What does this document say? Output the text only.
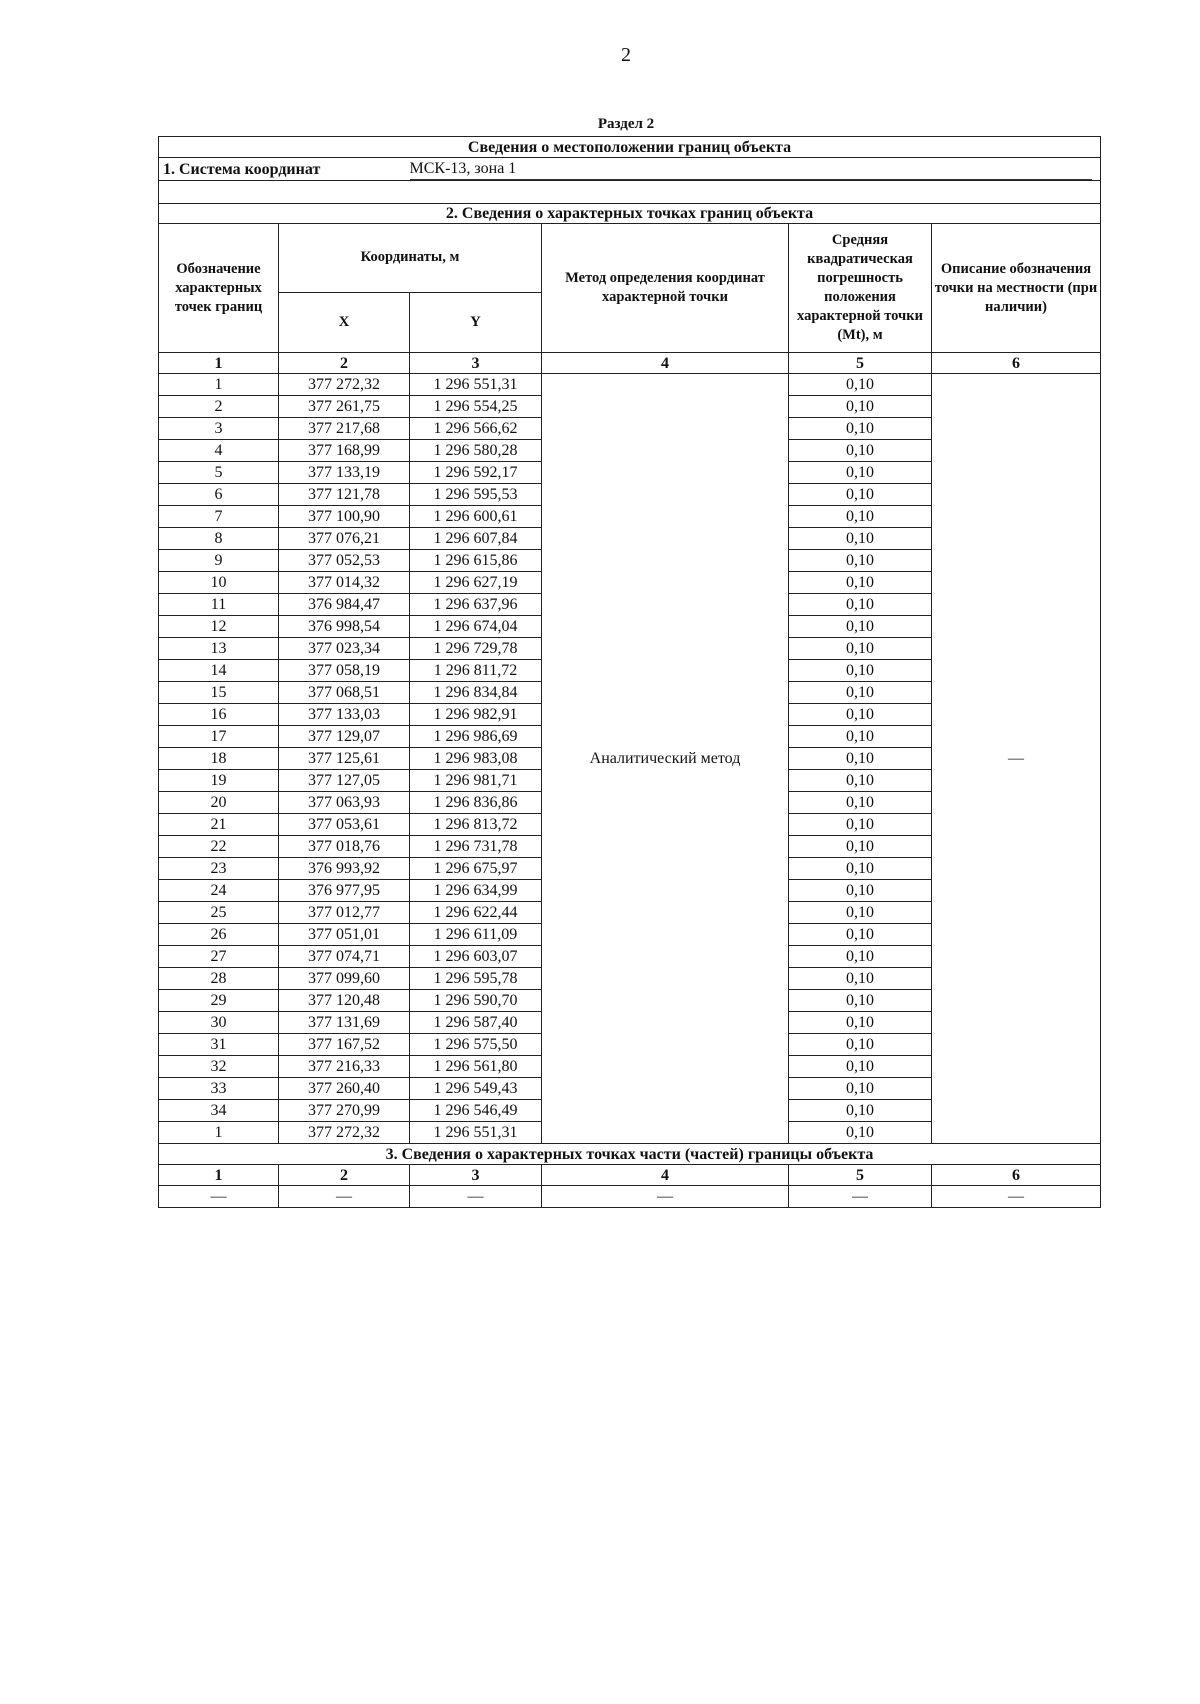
2
Раздел 2
Сведения о местоположении границ объекта					
1. Система координат		МСК-13, зона 1			

2. Сведения о характерных точках границ объекта					
Обозначение характерных точек границ	Координаты, м		Метод определения координат характерной точки	Средняя квадратическая погрешность положения характерной точки (Mt), м	Описание обозначения точки на местности (при наличии)
	X	Y			
1	2	3	4	5	6
1	377 272,32	1 296 551,31	Аналитический метод	0,10	—
2	377 261,75	1 296 554,25		0,10	
3	377 217,68	1 296 566,62		0,10	
4	377 168,99	1 296 580,28		0,10	
5	377 133,19	1 296 592,17		0,10	
6	377 121,78	1 296 595,53		0,10	
7	377 100,90	1 296 600,61		0,10	
8	377 076,21	1 296 607,84		0,10	
9	377 052,53	1 296 615,86		0,10	
10	377 014,32	1 296 627,19		0,10	
11	376 984,47	1 296 637,96		0,10	
12	376 998,54	1 296 674,04		0,10	
13	377 023,34	1 296 729,78		0,10	
14	377 058,19	1 296 811,72		0,10	
15	377 068,51	1 296 834,84		0,10	
16	377 133,03	1 296 982,91		0,10	
17	377 129,07	1 296 986,69		0,10	
18	377 125,61	1 296 983,08		0,10	
19	377 127,05	1 296 981,71		0,10	
20	377 063,93	1 296 836,86		0,10	
21	377 053,61	1 296 813,72		0,10	
22	377 018,76	1 296 731,78		0,10	
23	376 993,92	1 296 675,97		0,10	
24	376 977,95	1 296 634,99		0,10	
25	377 012,77	1 296 622,44		0,10	
26	377 051,01	1 296 611,09		0,10	
27	377 074,71	1 296 603,07		0,10	
28	377 099,60	1 296 595,78		0,10	
29	377 120,48	1 296 590,70		0,10	
30	377 131,69	1 296 587,40		0,10	
31	377 167,52	1 296 575,50		0,10	
32	377 216,33	1 296 561,80		0,10	
33	377 260,40	1 296 549,43		0,10	
34	377 270,99	1 296 546,49		0,10	
1	377 272,32	1 296 551,31		0,10	
3. Сведения о характерных точках части (частей) границы объекта					
1	2	3	4	5	6
—	—	—	—	—	—
